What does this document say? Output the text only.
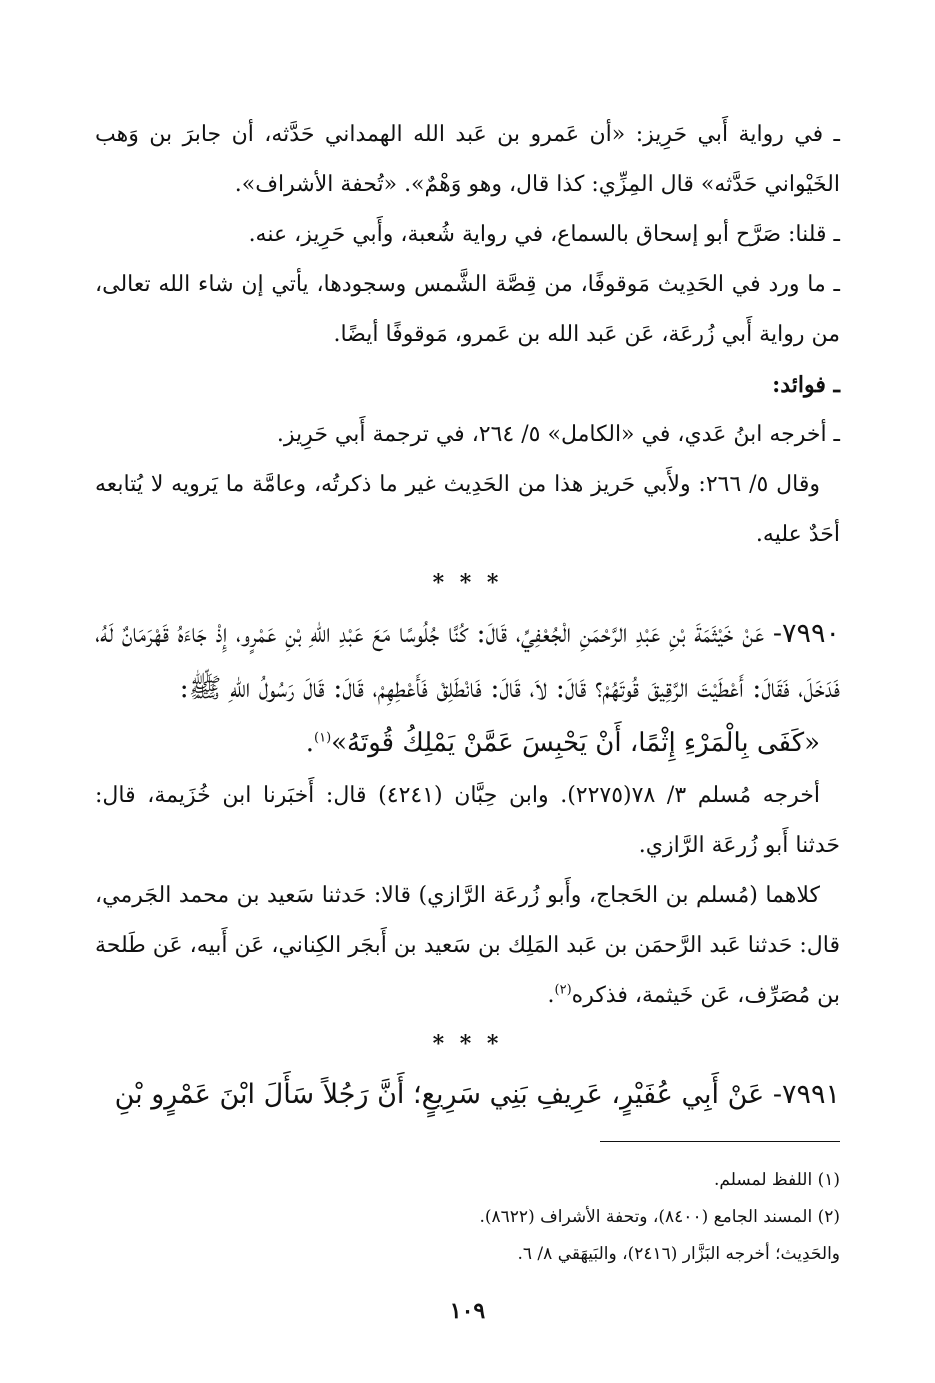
ـ في رواية أَبي حَرِيز: «أن عَمرو بن عَبد الله الهمداني حَدَّثه، أن جابرَ بن وَهب الخَيْواني حَدَّثه» قال المِزِّي: كذا قال، وهو وَهْمٌ». «تُحفة الأشراف».

ـ قلنا: صَرَّح أبو إسحاق بالسماع، في رواية شُعبة، وأَبي حَرِيز، عنه.

ـ ما ورد في الحَدِيث مَوقوفًا، من قِصَّة الشَّمس وسجودها، يأتي إن شاء الله تعالى، من رواية أَبي زُرعَة، عَن عَبد الله بن عَمرو، مَوقوفًا أيضًا.

ـ فوائد:

ـ أخرجه ابنُ عَدي، في «الكامل» ٥/ ٢٦٤، في ترجمة أَبي حَرِيز.

وقال ٥/ ٢٦٦: ولأَبي حَريز هذا من الحَدِيث غير ما ذكرتُه، وعامَّة ما يَرويه لا يُتابعه أحَدٌ عليه.

* * *

٧٩٩٠- عَنْ خَيْثَمَةَ بْنِ عَبْدِ الرَّحْمَنِ الْجُعْفِيِّ، قَالَ: كُنَّا جُلُوسًا مَعَ عَبْدِ اللهِ بْنِ عَمْرٍو، إِذْ جَاءَهُ قَهْرَمَانٌ لَهُ، فَدَخَلَ، فَقَالَ: أَعْطَيْتَ الرَّقِيقَ قُوتَهُمْ؟ قَالَ: لاَ، قَالَ: فَانْطَلِقْ فَأَعْطِهِمْ، قَالَ: قَالَ رَسُولُ اللهِ ﷺ:

«كَفَى بِالْمَرْءِ إِثْمًا، أَنْ يَحْبِسَ عَمَّنْ يَمْلِكُ قُوتَهُ»$^{(١)}$.

أخرجه مُسلم ٣/ ٧٨(٢٢٧٥). وابن حِبَّان (٤٢٤١) قال: أَخبَرنا ابن خُزَيمة، قال: حَدثنا أَبو زُرعَة الرَّازي.

كلاهما (مُسلم بن الحَجاج، وأَبو زُرعَة الرَّازي) قالا: حَدثنا سَعيد بن محمد الجَرمي، قال: حَدثنا عَبد الرَّحمَن بن عَبد المَلِك بن سَعيد بن أَبجَر الكِناني، عَن أَبيه، عَن طَلحة بن مُصَرِّف، عَن خَيثمة، فذكره$^{(٢)}$.

* * *

٧٩٩١- عَنْ أَبِي عُفَيْرٍ، عَرِيفِ بَنِي سَرِيعٍ؛ أَنَّ رَجُلاً سَأَلَ ابْنَ عَمْرٍو بْنِ

(١) اللفظ لمسلم.

(٢) المسند الجامع (٨٤٠٠)، وتحفة الأشراف (٨٦٢٢).

والحَدِيث؛ أخرجه البَزَّار (٢٤١٦)، والبَيهَقي ٨/ ٦.

١٠٩
